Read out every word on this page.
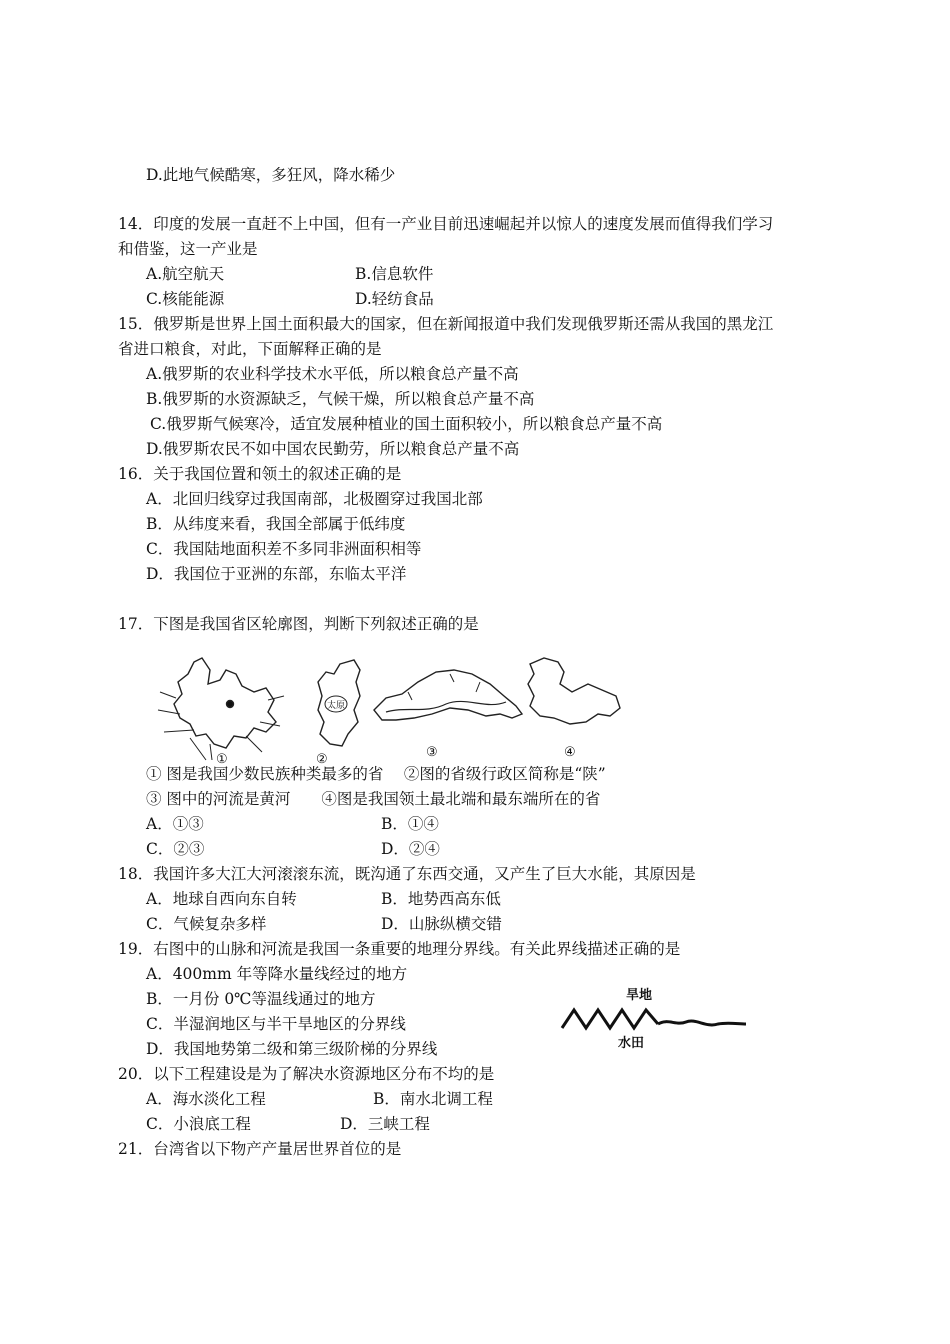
D.此地气候酷寒，多狂风，降水稀少
14．印度的发展一直赶不上中国，但有一产业目前迅速崛起并以惊人的速度发展而值得我们学习
和借鉴，这一产业是
A.航空航天	B.信息软件
C.核能能源	D.轻纺食品
15．俄罗斯是世界上国土面积最大的国家，但在新闻报道中我们发现俄罗斯还需从我国的黑龙江
省进口粮食，对此，下面解释正确的是
A.俄罗斯的农业科学技术水平低，所以粮食总产量不高
B.俄罗斯的水资源缺乏，气候干燥，所以粮食总产量不高
C.俄罗斯气候寒冷，适宜发展种植业的国土面积较小，所以粮食总产量不高
D.俄罗斯农民不如中国农民勤劳，所以粮食总产量不高
16．关于我国位置和领土的叙述正确的是
A．北回归线穿过我国南部，北极圈穿过我国北部
B．从纬度来看，我国全部属于低纬度
C．我国陆地面积差不多同非洲面积相等
D．我国位于亚洲的东部，东临太平洋
17．下图是我国省区轮廓图，判断下列叙述正确的是
太原
①	②	③	④
① 图是我国少数民族种类最多的省　 ②图的省级行政区简称是“陕”
③ 图中的河流是黄河　　④图是我国领土最北端和最东端所在的省
A．①③	B．①④
C．②③	D．②④
18．我国许多大江大河滚滚东流，既沟通了东西交通，又产生了巨大水能，其原因是
A．地球自西向东自转	B．地势西高东低
C．气候复杂多样	D．山脉纵横交错
19．右图中的山脉和河流是我国一条重要的地理分界线。有关此界线描述正确的是
A．400mm 年等降水量线经过的地方
B．一月份 0℃等温线通过的地方
C．半湿润地区与半干旱地区的分界线
D．我国地势第二级和第三级阶梯的分界线
旱地
水田
20．以下工程建设是为了解决水资源地区分布不均的是
A．海水淡化工程	B．南水北调工程
C．小浪底工程	D．三峡工程
21．台湾省以下物产产量居世界首位的是
